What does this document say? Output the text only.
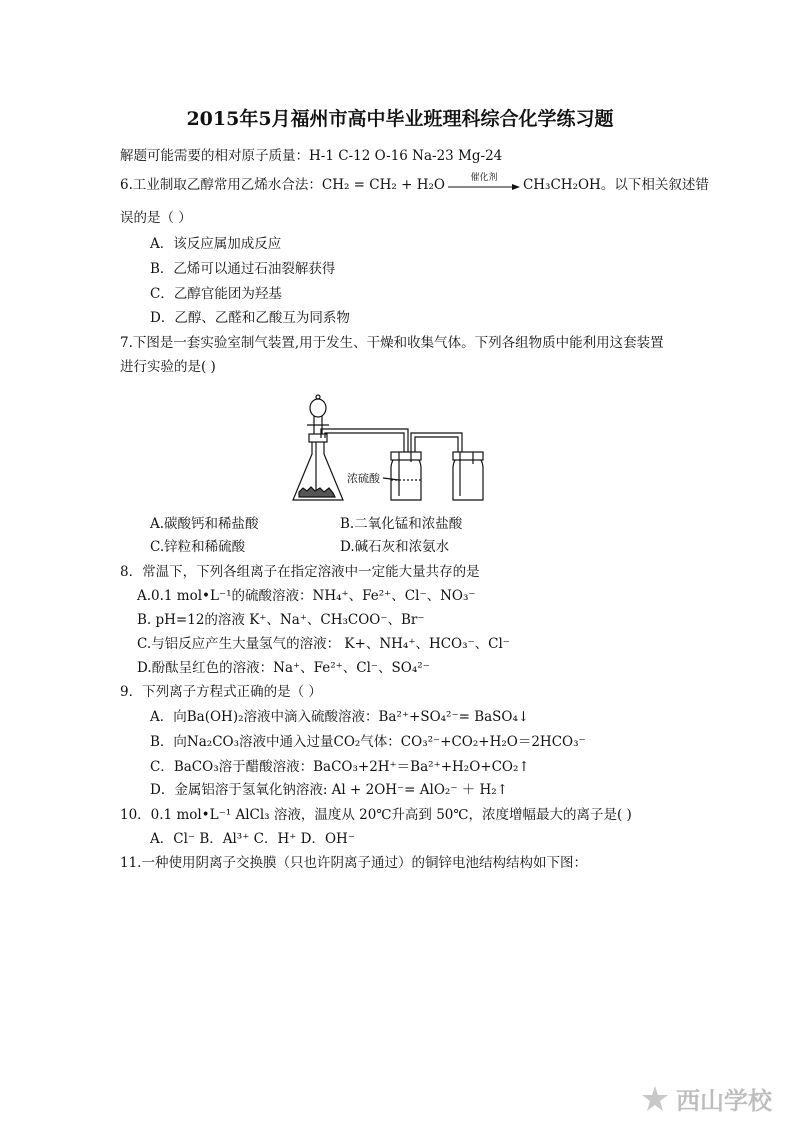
2015年5月福州市高中毕业班理科综合化学练习题
解题可能需要的相对原子质量：H-1 C-12 O-16 Na-23 Mg-24
6.工业制取乙醇常用乙烯水合法：CH₂ = CH₂ + H₂O	催化剂	CH₃CH₂OH。以下相关叙述错
误的是（ ）
A．该反应属加成反应
B．乙烯可以通过石油裂解获得
C．乙醇官能团为羟基
D．乙醇、乙醛和乙酸互为同系物
7.下图是一套实验室制气装置,用于发生、干燥和收集气体。下列各组物质中能利用这套装置
进行实验的是( )
浓硫酸
A.碳酸钙和稀盐酸	B.二氧化锰和浓盐酸
C.锌粒和稀硫酸	D.碱石灰和浓氨水
8．常温下，下列各组离子在指定溶液中一定能大量共存的是
A.0.1 mol•L⁻¹的硫酸溶液：NH₄⁺、Fe²⁺、Cl⁻、NO₃⁻
B. pH=12的溶液 K⁺、Na⁺、CH₃COO⁻、Br⁻
C.与铝反应产生大量氢气的溶液： K+、NH₄⁺、HCO₃⁻、Cl⁻
D.酚酞呈红色的溶液：Na⁺、Fe²⁺、Cl⁻、SO₄²⁻
9．下列离子方程式正确的是（ ）
A．向Ba(OH)₂溶液中滴入硫酸溶液：Ba²⁺+SO₄²⁻= BaSO₄↓
B．向Na₂CO₃溶液中通入过量CO₂气体：CO₃²⁻+CO₂+H₂O＝2HCO₃⁻
C．BaCO₃溶于醋酸溶液：BaCO₃+2H⁺＝Ba²⁺+H₂O+CO₂↑
D．金属铝溶于氢氧化钠溶液: Al + 2OH⁻= AlO₂⁻ ＋ H₂↑
10．0.1 mol•L⁻¹ AlCl₃ 溶液，温度从 20℃升高到 50℃，浓度增幅最大的离子是( )
A．Cl⁻ B．Al³⁺ C．H⁺ D．OH⁻
11.一种使用阴离子交换膜（只也许阴离子通过）的铜锌电池结构结构如下图：
西山学校
